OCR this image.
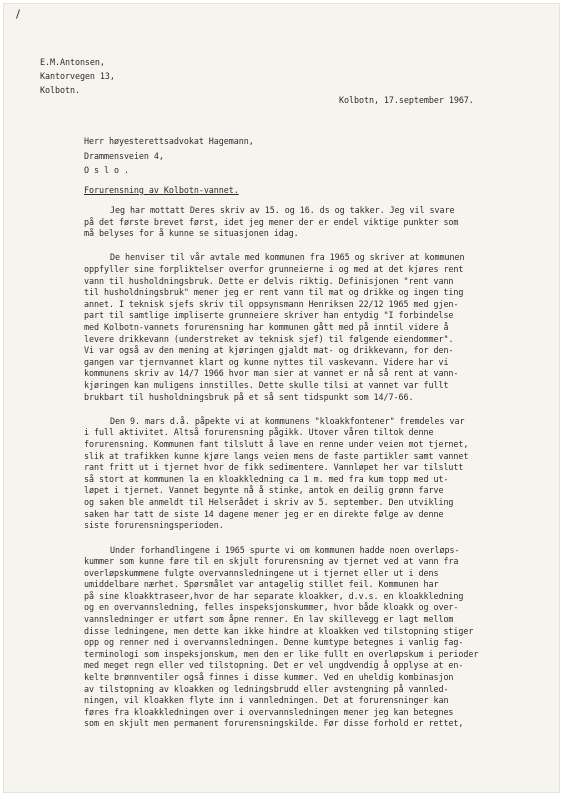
E.M.Antonsen,
Kantorvegen 13,
Kolbotn.
Kolbotn, 17.september 1967.
Herr høyesterettsadvokat Hagemann,
Drammensveien 4,
O s l o .
Forurensning av Kolbotn-vannet.
Jeg har mottatt Deres skriv av 15. og 16. ds og takker. Jeg vil svare
på det første brevet først, idet jeg mener der er endel viktige punkter som
må belyses for å kunne se situasjonen idag.
De henviser til vår avtale med kommunen fra 1965 og skriver at kommunen
oppfyller sine forpliktelser overfor grunneierne i og med at det kjøres rent
vann til husholdningsbruk. Dette er delvis riktig. Definisjonen "rent vann
til husholdningsbruk" mener jeg er rent vann til mat og drikke og ingen ting
annet. I teknisk sjefs skriv til oppsynsmann Henriksen 22/12 1965 med gjen-
part til samtlige impliserte grunneiere skriver han entydig "I forbindelse
med Kolbotn-vannets forurensning har kommunen gått med på inntil videre å
levere drikkevann (understreket av teknisk sjef) til følgende eiendommer".
Vi var også av den mening at kjøringen gjaldt mat- og drikkevann, for den-
gangen var tjernvannet klart og kunne nyttes til vaskevann. Videre har vi
kommunens skriv av 14/7 1966 hvor man sier at vannet er nå så rent at vann-
kjøringen kan muligens innstilles. Dette skulle tilsi at vannet var fullt
brukbart til husholdningsbruk på et så sent tidspunkt som 14/7-66.
Den 9. mars d.å. påpekte vi at kommunens "kloakkfontener" fremdeles var
i full aktivitet. Altså forurensning pågikk. Utover våren tiltok denne
forurensning. Kommunen fant tilslutt å lave en renne under veien mot tjernet,
slik at trafikken kunne kjøre langs veien mens de faste partikler samt vannet
rant fritt ut i tjernet hvor de fikk sedimentere. Vannløpet her var tilslutt
så stort at kommunen la en kloakkledning ca 1 m. med fra kum topp med ut-
løpet i tjernet. Vannet begynte nå å stinke, antok en deilig grønn farve
og saken ble anmeldt til Helserådet i skriv av 5. september. Den utvikling
saken har tatt de siste 14 dagene mener jeg er en direkte følge av denne
siste forurensningsperioden.
Under forhandlingene i 1965 spurte vi om kommunen hadde noen overløps-
kummer som kunne føre til en skjult forurensning av tjernet ved at vann fra
overløpskummene fulgte overvannsledningene ut i tjernet eller ut i dens
umiddelbare nærhet. Spørsmålet var antagelig stillet feil. Kommunen har
på sine kloakktraseer,hvor de har separate kloakker, d.v.s. en kloakkledning
og en overvannsledning, felles inspeksjonskummer, hvor både kloakk og over-
vannsledninger er utført som åpne renner. En lav skillevegg er lagt mellom
disse ledningene, men dette kan ikke hindre at kloakken ved tilstopning stiger
opp og renner ned i overvannsledningen. Denne kumtype betegnes i vanlig fag-
terminologi som inspeksjonskum, men den er like fullt en overløpskum i perioder
med meget regn eller ved tilstopning. Det er vel ungdvendig å opplyse at en-
kelte brønnventiler også finnes i disse kummer. Ved en uheldig kombinasjon
av tilstopning av kloakken og ledningsbrudd eller avstengning på vannled-
ningen, vil kloakken flyte inn i vannledningen. Det at forurensninger kan
føres fra kloakkledningen over i overvannsledningen mener jeg kan betegnes
som en skjult men permanent forurensningskilde. Før disse forhold er rettet,
